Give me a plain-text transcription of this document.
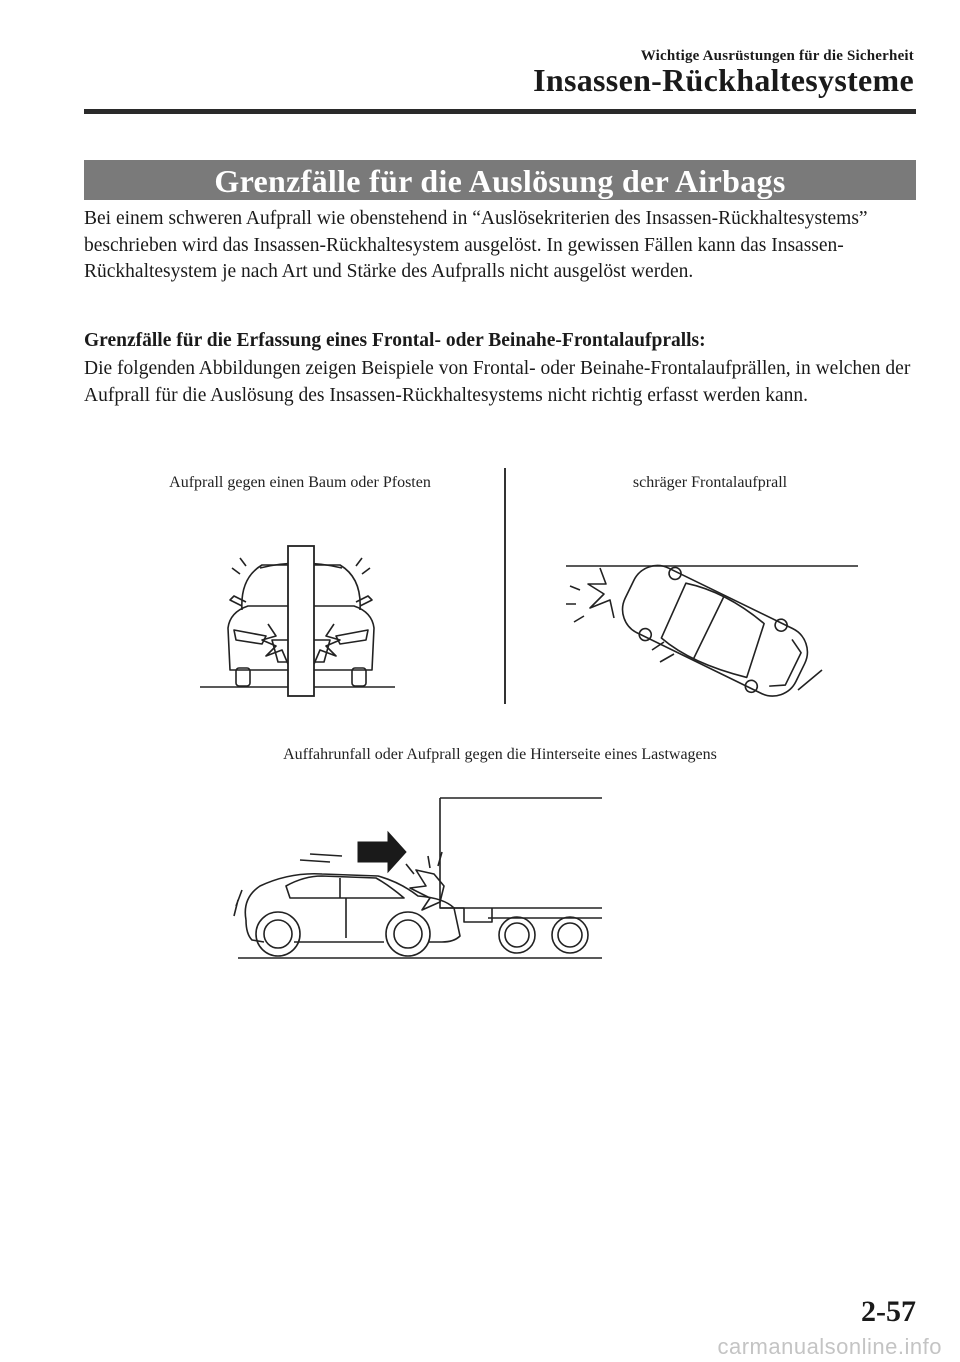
Wichtige Ausrüstungen für die Sicherheit
Insassen-Rückhaltesysteme
Grenzfälle für die Auslösung der Airbags
Bei einem schweren Aufprall wie obenstehend in “Auslösekriterien des Insassen-Rückhaltesystems” beschrieben wird das Insassen-Rückhaltesystem ausgelöst. In gewissen Fällen kann das Insassen-Rückhaltesystem je nach Art und Stärke des Aufpralls nicht ausgelöst werden.
Grenzfälle für die Erfassung eines Frontal- oder Beinahe-Frontalaufpralls:
Die folgenden Abbildungen zeigen Beispiele von Frontal- oder Beinahe-Frontalaufprällen, in welchen der Aufprall für die Auslösung des Insassen-Rückhaltesystems nicht richtig erfasst werden kann.
Aufprall gegen einen Baum oder Pfosten	schräger Frontalaufprall
Auffahrunfall oder Aufprall gegen die Hinterseite eines Lastwagens
2-57
carmanualsonline.info
